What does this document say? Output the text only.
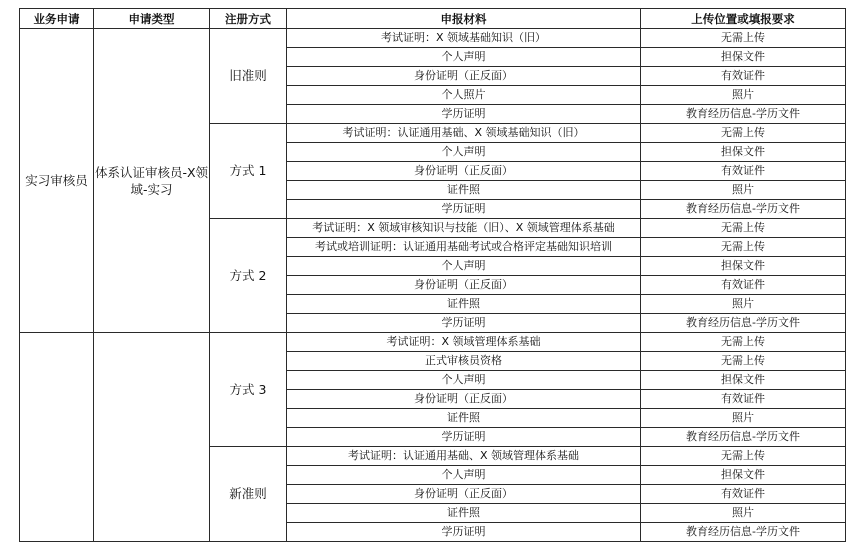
业务申请	申请类型	注册方式	申报材料	上传位置或填报要求
实习审核员	体系认证审核员-X领域-实习	旧准则	考试证明：X 领域基础知识（旧）	无需上传
			个人声明	担保文件
			身份证明（正反面）	有效证件
			个人照片	照片
			学历证明	教育经历信息-学历文件
		方式 1	考试证明：认证通用基础、X 领域基础知识（旧）	无需上传
			个人声明	担保文件
			身份证明（正反面）	有效证件
			证件照	照片
			学历证明	教育经历信息-学历文件
		方式 2	考试证明：X 领域审核知识与技能（旧）、X 领域管理体系基础	无需上传
			考试或培训证明：认证通用基础考试或合格评定基础知识培训	无需上传
			个人声明	担保文件
			身份证明（正反面）	有效证件
			证件照	照片
			学历证明	教育经历信息-学历文件
		方式 3	考试证明：X 领域管理体系基础	无需上传
			正式审核员资格	无需上传
			个人声明	担保文件
			身份证明（正反面）	有效证件
			证件照	照片
			学历证明	教育经历信息-学历文件
		新准则	考试证明：认证通用基础、X 领域管理体系基础	无需上传
			个人声明	担保文件
			身份证明（正反面）	有效证件
			证件照	照片
			学历证明	教育经历信息-学历文件
